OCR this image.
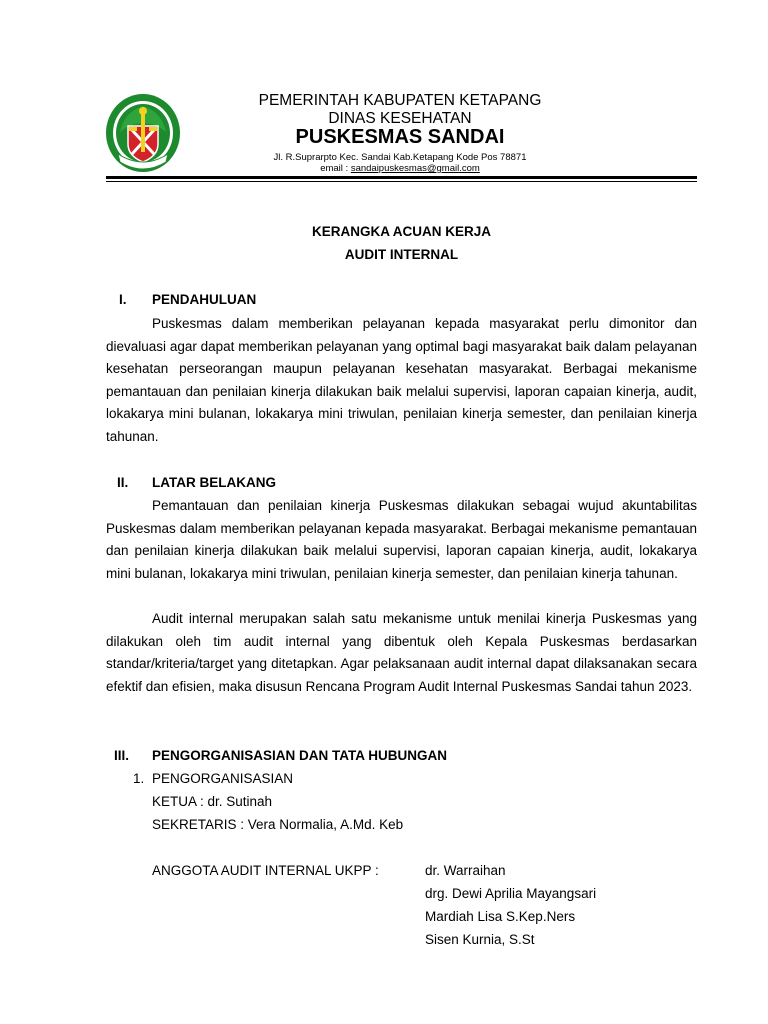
PEMERINTAH KABUPATEN KETAPANG
DINAS KESEHATAN
PUSKESMAS SANDAI
Jl. R.Suprarpto Kec. Sandai Kab.Ketapang Kode Pos 78871
email : sandaipuskesmas@gmail.com
KERANGKA ACUAN KERJA
AUDIT INTERNAL
I. PENDAHULUAN

Puskesmas dalam memberikan pelayanan kepada masyarakat perlu dimonitor dan dievaluasi agar dapat memberikan pelayanan yang optimal bagi masyarakat baik dalam pelayanan kesehatan perseorangan maupun pelayanan kesehatan masyarakat. Berbagai mekanisme pemantauan dan penilaian kinerja dilakukan baik melalui supervisi, laporan capaian kinerja, audit, lokakarya mini bulanan, lokakarya mini triwulan, penilaian kinerja semester, dan penilaian kinerja tahunan.

II. LATAR BELAKANG

Pemantauan dan penilaian kinerja Puskesmas dilakukan sebagai wujud akuntabilitas Puskesmas dalam memberikan pelayanan kepada masyarakat. Berbagai mekanisme pemantauan dan penilaian kinerja dilakukan baik melalui supervisi, laporan capaian kinerja, audit, lokakarya mini bulanan, lokakarya mini triwulan, penilaian kinerja semester, dan penilaian kinerja tahunan.

Audit internal merupakan salah satu mekanisme untuk menilai kinerja Puskesmas yang dilakukan oleh tim audit internal yang dibentuk oleh Kepala Puskesmas berdasarkan standar/kriteria/target yang ditetapkan. Agar pelaksanaan audit internal dapat dilaksanakan secara efektif dan efisien, maka disusun Rencana Program Audit Internal Puskesmas Sandai tahun 2023.

III. PENGORGANISASIAN DAN TATA HUBUNGAN
1. PENGORGANISASIAN
KETUA : dr. Sutinah
SEKRETARIS : Vera Normalia, A.Md. Keb
ANGGOTA AUDIT INTERNAL UKPP :	dr. Warraihan
drg. Dewi Aprilia Mayangsari
Mardiah Lisa S.Kep.Ners
Sisen Kurnia, S.St
